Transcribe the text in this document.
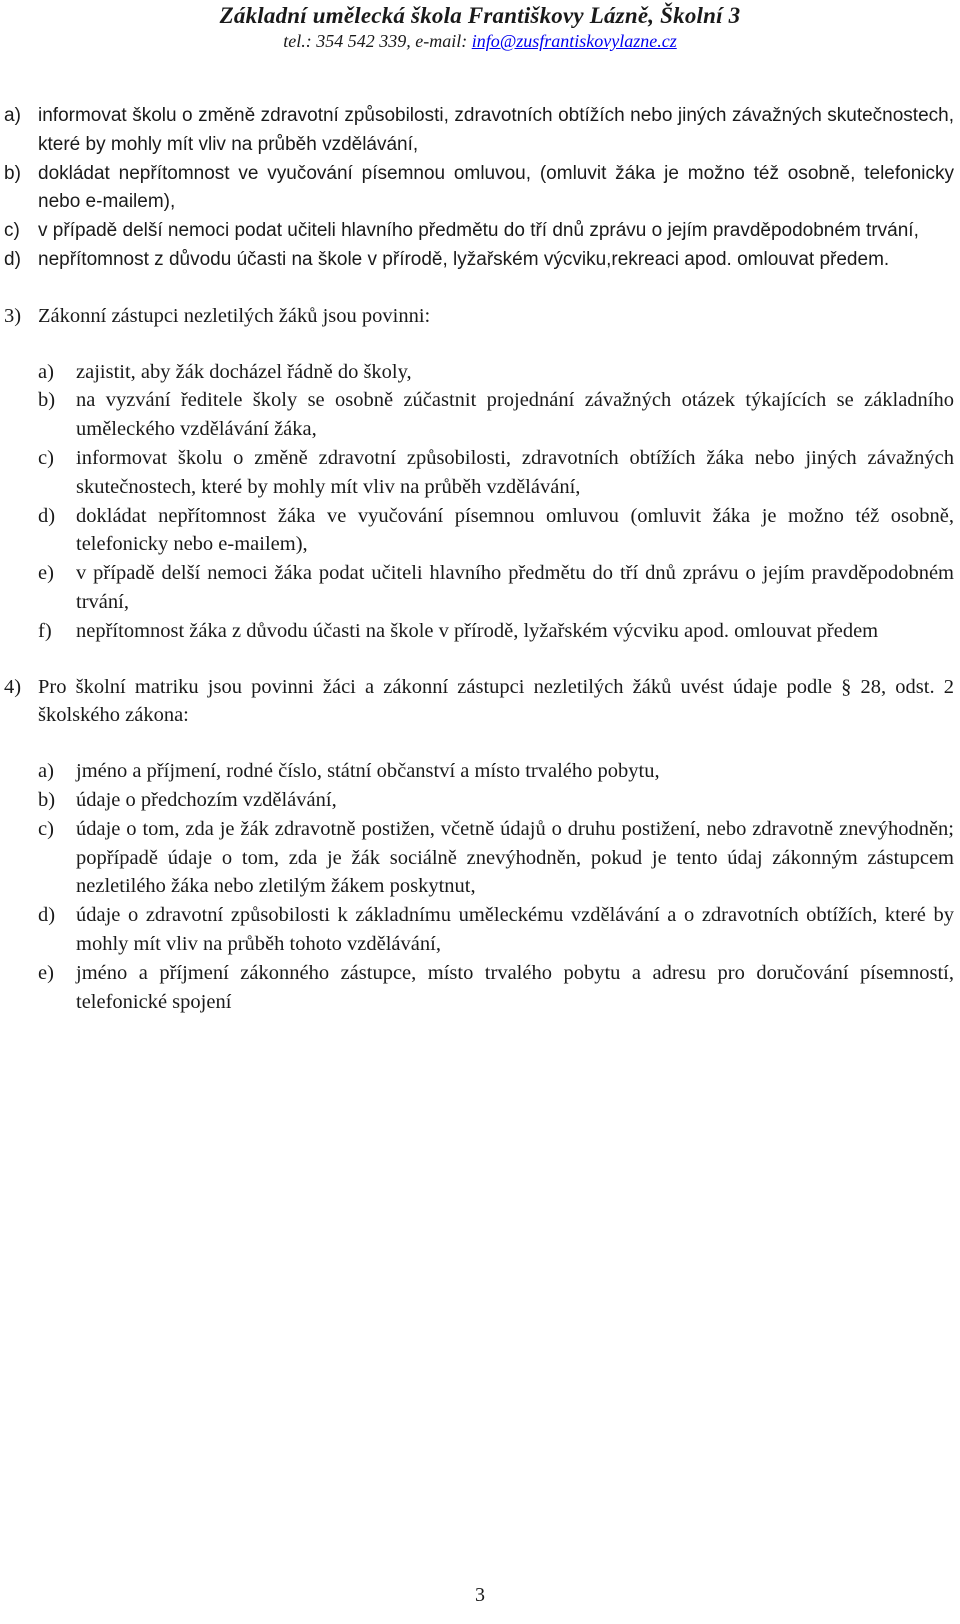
Základní umělecká škola Františkovy Lázně, Školní 3
tel.: 354 542 339, e-mail: info@zusfrantiskovylazne.cz
a) informovat školu o změně zdravotní způsobilosti, zdravotních obtížích nebo jiných závažných skutečnostech, které by mohly mít vliv na průběh vzdělávání,
b) dokládat nepřítomnost ve vyučování písemnou omluvou, (omluvit žáka je možno též osobně, telefonicky nebo e-mailem),
c) v případě delší nemoci podat učiteli hlavního předmětu do tří dnů zprávu o jejím pravděpodobném trvání,
d) nepřítomnost z důvodu účasti na škole v přírodě, lyžařském výcviku,rekreaci apod. omlouvat předem.
3) Zákonní zástupci nezletilých žáků jsou povinni:
a) zajistit, aby žák docházel řádně do školy,
b) na vyzvání ředitele školy se osobně zúčastnit projednání závažných otázek týkajících se základního uměleckého vzdělávání žáka,
c) informovat školu o změně zdravotní způsobilosti, zdravotních obtížích žáka nebo jiných závažných skutečnostech, které by mohly mít vliv na průběh vzdělávání,
d) dokládat nepřítomnost žáka ve vyučování písemnou omluvou (omluvit žáka je možno též osobně, telefonicky nebo e-mailem),
e) v případě delší nemoci žáka podat učiteli hlavního předmětu do tří dnů zprávu o jejím pravděpodobném trvání,
f) nepřítomnost žáka z důvodu účasti na škole v přírodě, lyžařském výcviku apod. omlouvat předem
4) Pro školní matriku jsou povinni žáci a zákonní zástupci nezletilých žáků uvést údaje podle § 28, odst. 2 školského zákona:
a) jméno a příjmení, rodné číslo, státní občanství a místo trvalého pobytu,
b) údaje o předchozím vzdělávání,
c) údaje o tom, zda je žák zdravotně postižen, včetně údajů o druhu postižení, nebo zdravotně znevýhodněn; popřípadě údaje o tom, zda je žák sociálně znevýhodněn, pokud je tento údaj zákonným zástupcem nezletilého žáka nebo zletilým žákem poskytnut,
d) údaje o zdravotní způsobilosti k základnímu uměleckému vzdělávání a o zdravotních obtížích, které by mohly mít vliv na průběh tohoto vzdělávání,
e) jméno a příjmení zákonného zástupce, místo trvalého pobytu a adresu pro doručování písemností, telefonické spojení
3
